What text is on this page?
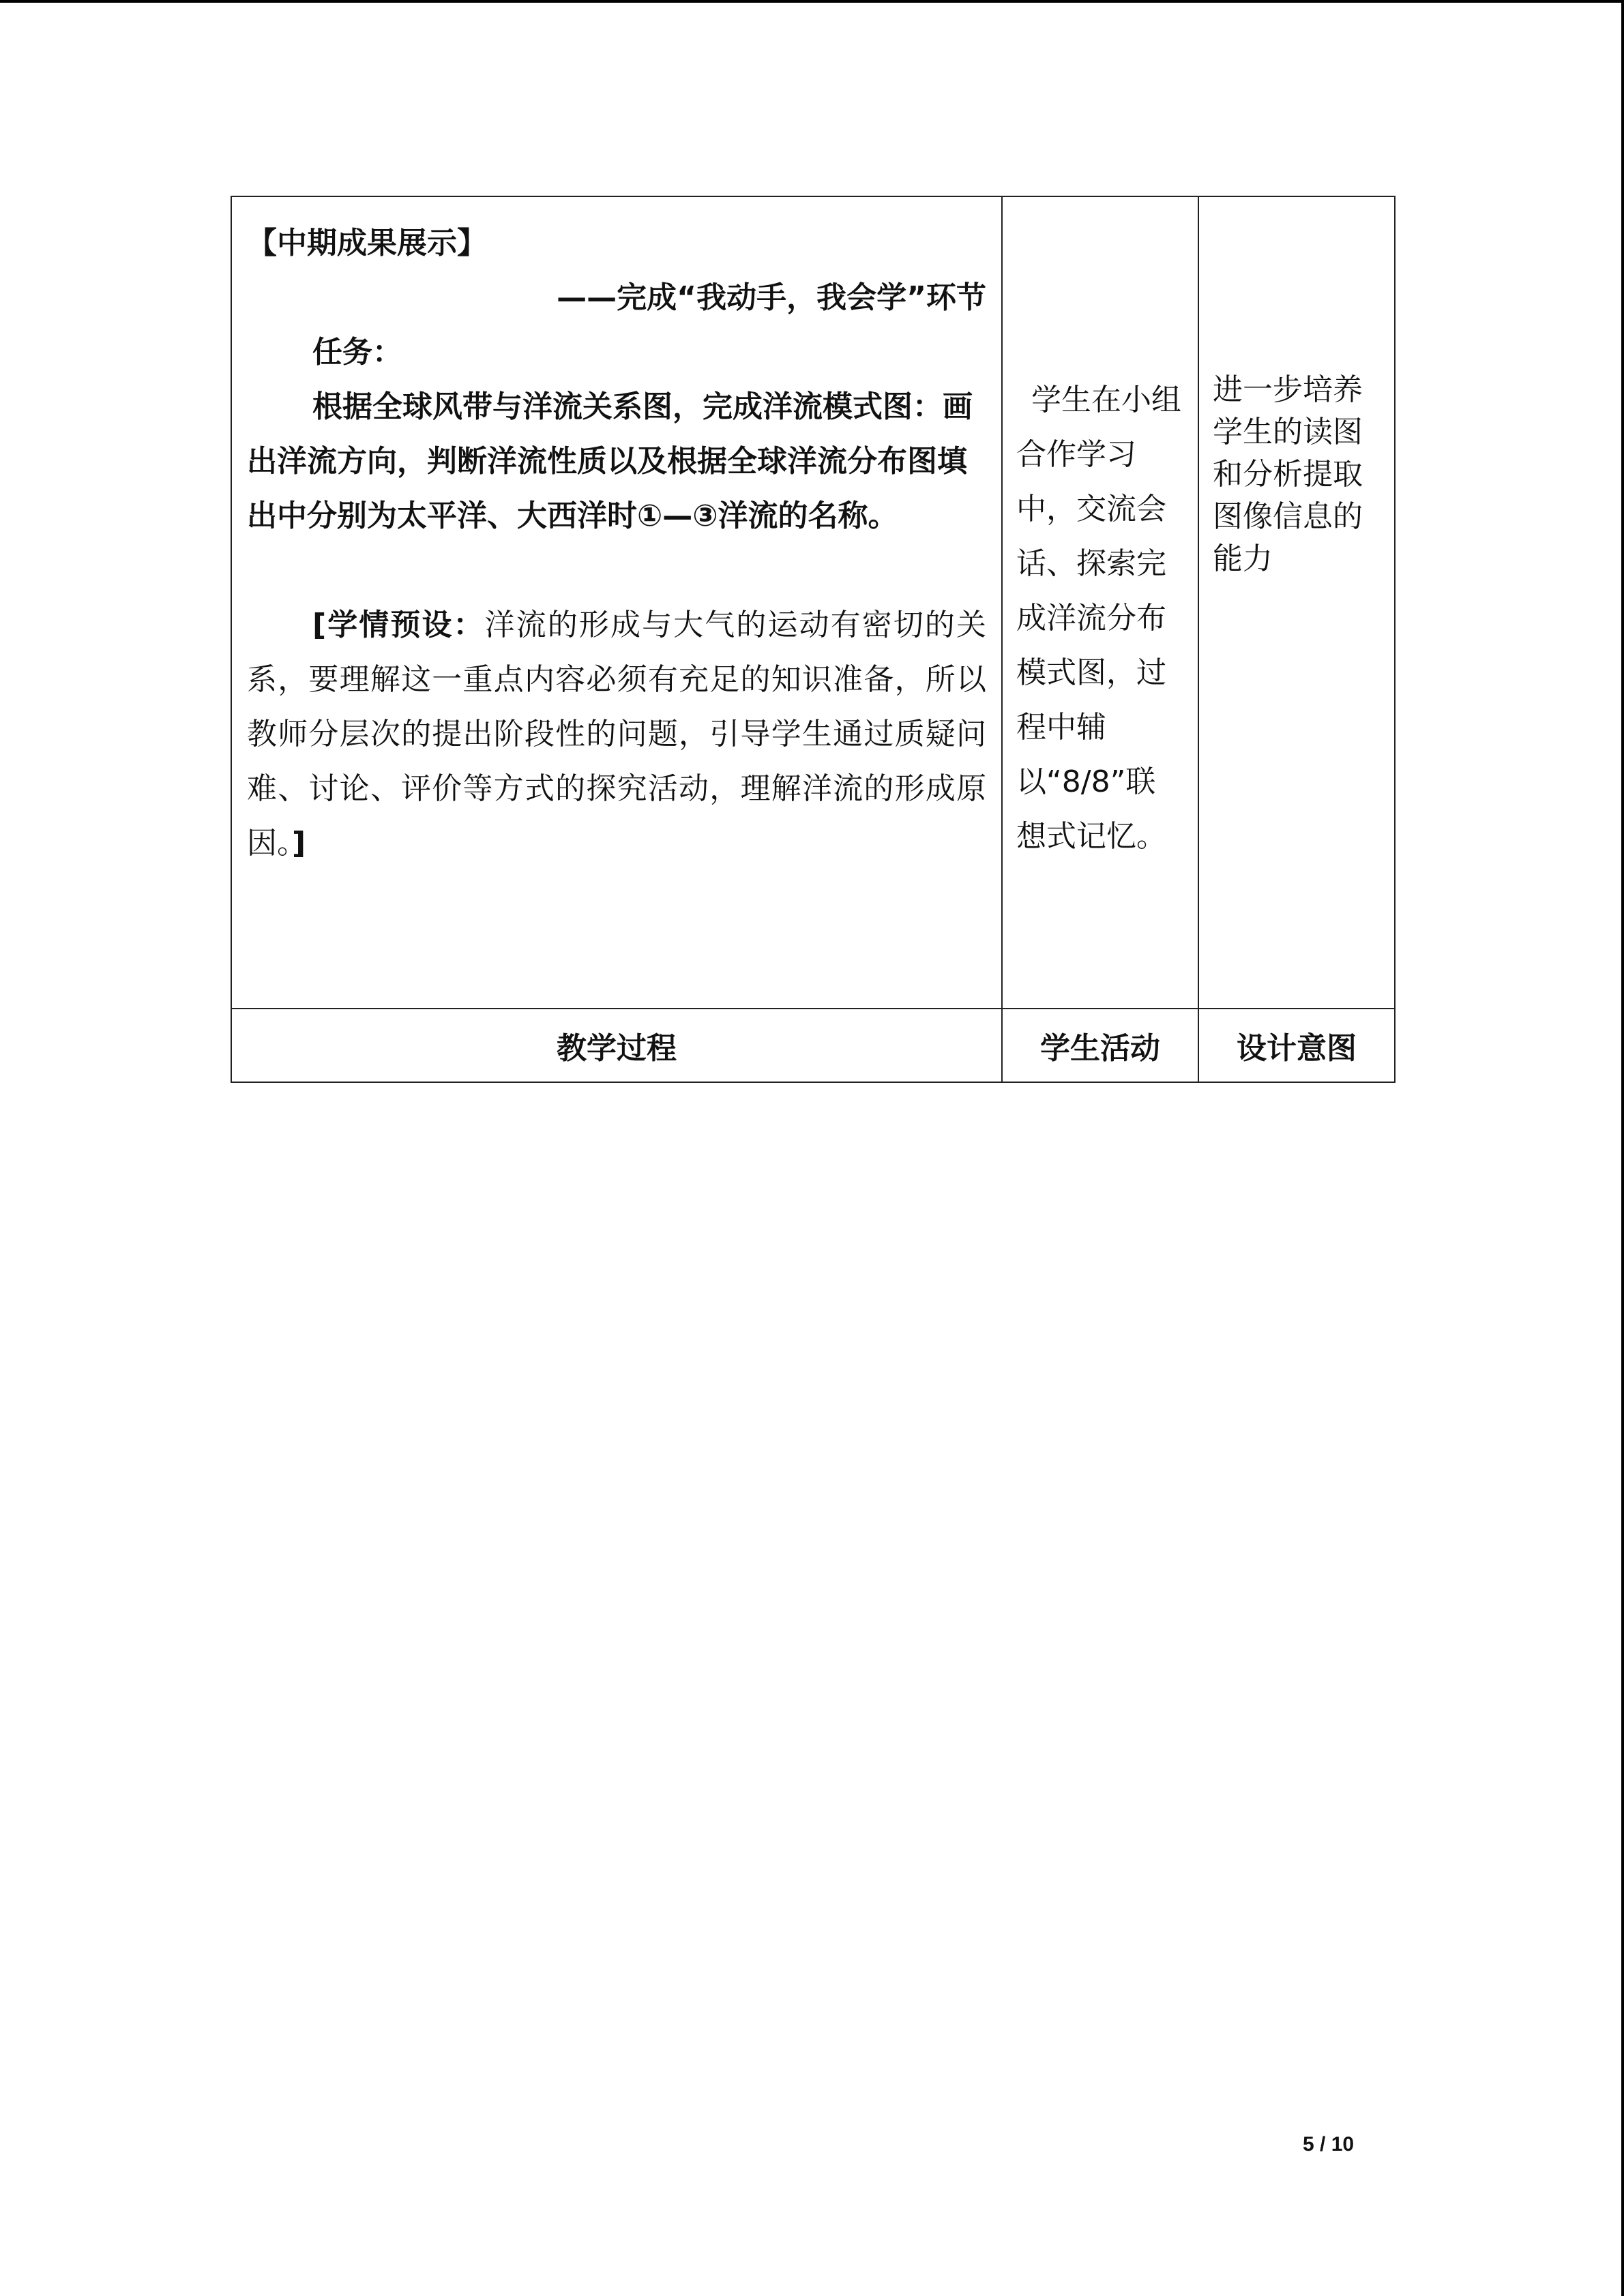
【中期成果展示】

——完成“我动手，我会学”环节

任务：

根据全球风带与洋流关系图，完成洋流模式图：画出洋流方向，判断洋流性质以及根据全球洋流分布图填出中分别为太平洋、大西洋时①—③洋流的名称。

[学情预设：洋流的形成与大气的运动有密切的关系，要理解这一重点内容必须有充足的知识准备，所以教师分层次的提出阶段性的问题，引导学生通过质疑问难、讨论、评价等方式的探究活动，理解洋流的形成原因。]	学生在小组合作学习中，交流会话、探索完成洋流分布模式图，过程中辅以“8/8”联想式记忆。	进一步培养学生的读图和分析提取图像信息的能力

教学过程	学生活动	设计意图
5 / 10
